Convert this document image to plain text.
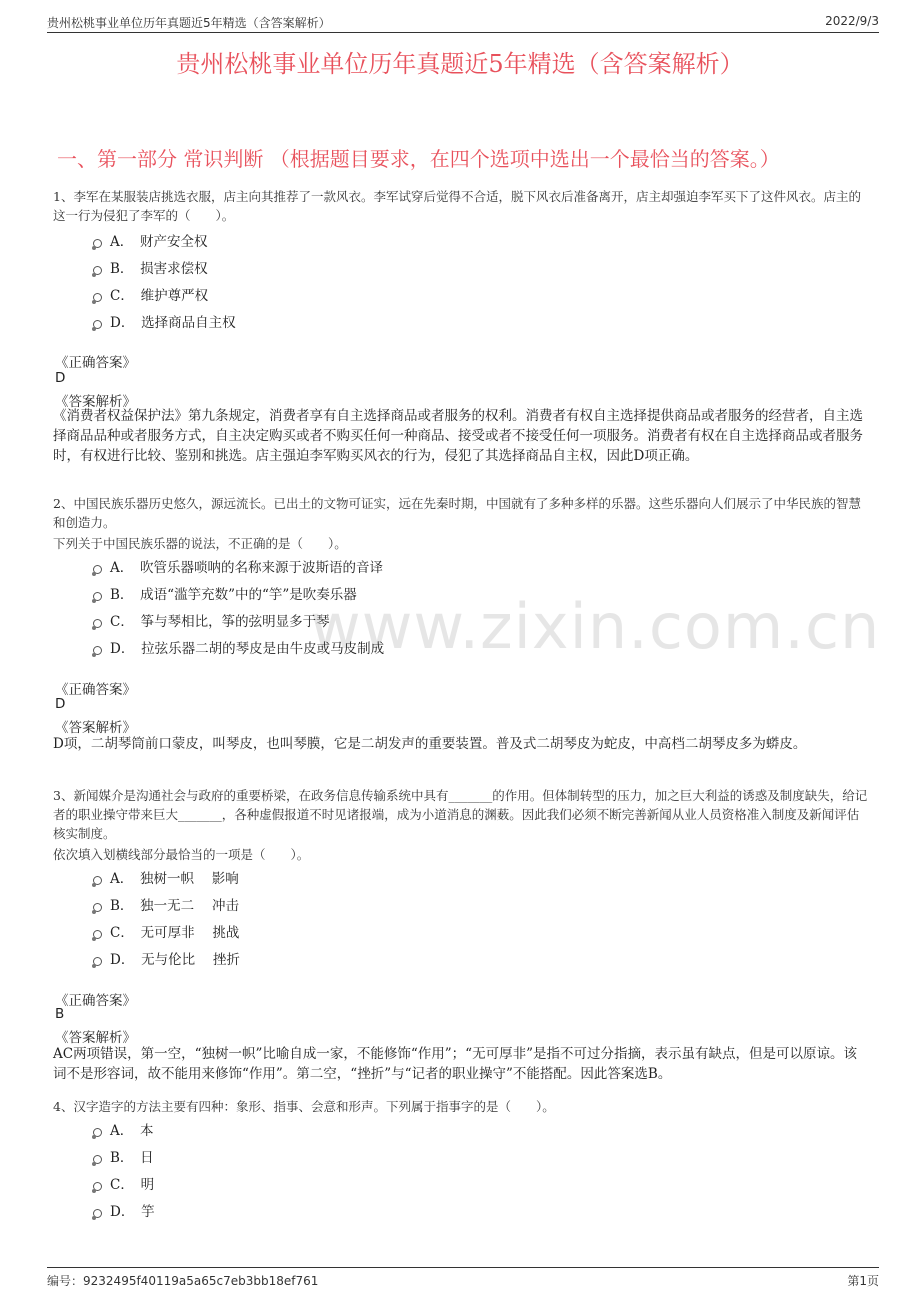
贵州松桃事业单位历年真题近5年精选（含答案解析）	2022/9/3
贵州松桃事业单位历年真题近5年精选（含答案解析）
一、第一部分 常识判断 （根据题目要求，在四个选项中选出一个最恰当的答案。）
www.zixin.com.cn
1、李军在某服装店挑选衣服，店主向其推荐了一款风衣。李军试穿后觉得不合适，脱下风衣后准备离开，店主却强迫李军买下了这件风衣。店主的这一行为侵犯了李军的（　　）。
A．　财产安全权
B．　损害求偿权
C．　维护尊严权
D．　选择商品自主权
《正确答案》
D
《答案解析》
《消费者权益保护法》第九条规定，消费者享有自主选择商品或者服务的权利。消费者有权自主选择提供商品或者服务的经营者，自主选择商品品种或者服务方式，自主决定购买或者不购买任何一种商品、接受或者不接受任何一项服务。消费者有权在自主选择商品或者服务时，有权进行比较、鉴别和挑选。店主强迫李军购买风衣的行为，侵犯了其选择商品自主权，因此D项正确。
2、中国民族乐器历史悠久，源远流长。已出土的文物可证实，远在先秦时期，中国就有了多种多样的乐器。这些乐器向人们展示了中华民族的智慧和创造力。
下列关于中国民族乐器的说法，不正确的是（　　）。
A．　吹管乐器唢呐的名称来源于波斯语的音译
B．　成语“滥竽充数”中的“竽”是吹奏乐器
C．　筝与琴相比，筝的弦明显多于琴
D．　拉弦乐器二胡的琴皮是由牛皮或马皮制成
《正确答案》
D
《答案解析》
D项，二胡琴筒前口蒙皮，叫琴皮，也叫琴膜，它是二胡发声的重要装置。普及式二胡琴皮为蛇皮，中高档二胡琴皮多为蟒皮。
3、新闻媒介是沟通社会与政府的重要桥梁，在政务信息传输系统中具有_______的作用。但体制转型的压力，加之巨大利益的诱惑及制度缺失，给记者的职业操守带来巨大_______，各种虚假报道不时见诸报端，成为小道消息的渊薮。因此我们必须不断完善新闻从业人员资格准入制度及新闻评估核实制度。
依次填入划横线部分最恰当的一项是（　　）。
A．　独树一帜　 影响
B．　独一无二　 冲击
C．　无可厚非　 挑战
D．　无与伦比　 挫折
《正确答案》
B
《答案解析》
AC两项错误，第一空，“独树一帜”比喻自成一家，不能修饰“作用”；“无可厚非”是指不可过分指摘，表示虽有缺点，但是可以原谅。该词不是形容词，故不能用来修饰“作用”。第二空，“挫折”与“记者的职业操守”不能搭配。因此答案选B。
4、汉字造字的方法主要有四种：象形、指事、会意和形声。下列属于指事字的是（　　）。
A．　本
B．　日
C．　明
D．　竽
编号：9232495f40119a5a65c7eb3bb18ef761	第1页
